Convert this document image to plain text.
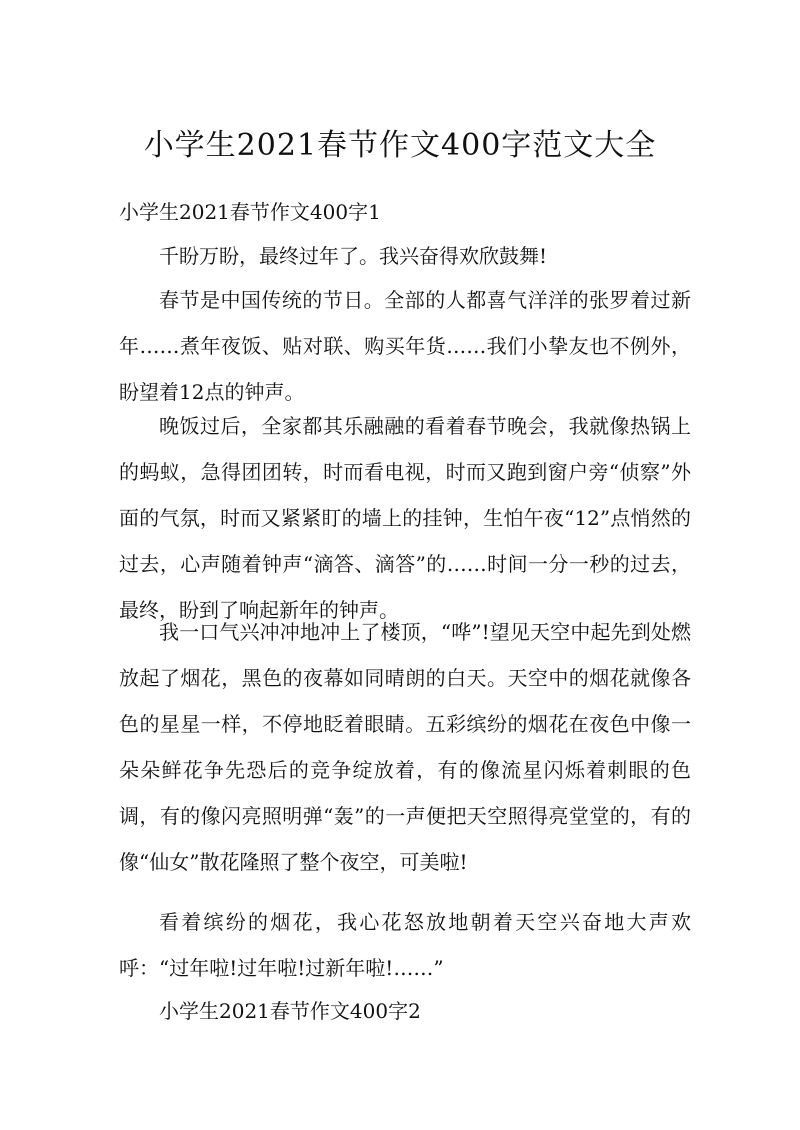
小学生2021春节作文400字范文大全
小学生2021春节作文400字1

千盼万盼，最终过年了。我兴奋得欢欣鼓舞!

春节是中国传统的节日。全部的人都喜气洋洋的张罗着过新年……煮年夜饭、贴对联、购买年货……我们小挚友也不例外，盼望着12点的钟声。

晚饭过后，全家都其乐融融的看着春节晚会，我就像热锅上的蚂蚁，急得团团转，时而看电视，时而又跑到窗户旁“侦察”外面的气氛，时而又紧紧盯的墙上的挂钟，生怕午夜“12”点悄然的过去，心声随着钟声“滴答、滴答”的……时间一分一秒的过去，最终，盼到了响起新年的钟声。

我一口气兴冲冲地冲上了楼顶，“哗”!望见天空中起先到处燃放起了烟花，黑色的夜幕如同晴朗的白天。天空中的烟花就像各色的星星一样，不停地眨着眼睛。五彩缤纷的烟花在夜色中像一朵朵鲜花争先恐后的竞争绽放着，有的像流星闪烁着刺眼的色调，有的像闪亮照明弹“轰”的一声便把天空照得亮堂堂的，有的像“仙女”散花隆照了整个夜空，可美啦!

看着缤纷的烟花，我心花怒放地朝着天空兴奋地大声欢呼：“过年啦!过年啦!过新年啦!……”

小学生2021春节作文400字2
